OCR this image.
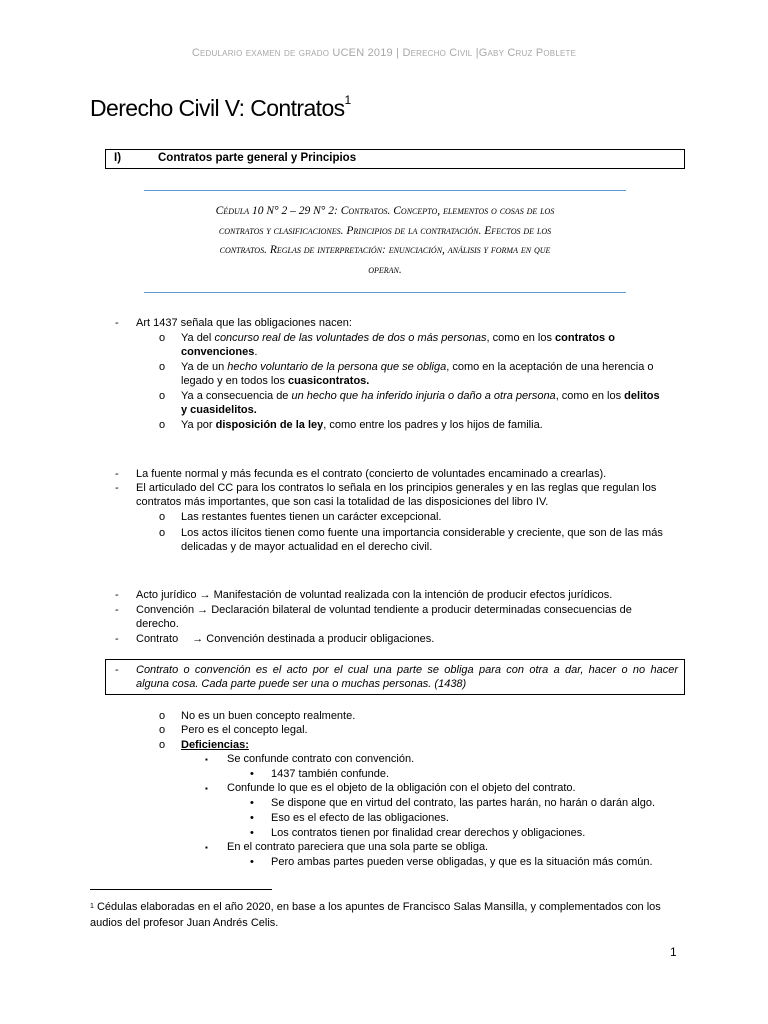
Cedulario examen de grado UCEN 2019 | Derecho Civil |Gaby Cruz Poblete
Derecho Civil V: Contratos$^1$
I)	Contratos parte general y Principios
Cédula 10 N° 2 – 29 N° 2: Contratos. Concepto, elementos o cosas de los
contratos y clasificaciones. Principios de la contratación. Efectos de los
contratos. Reglas de interpretación: enunciación, análisis y forma en que
operan.
- Art 1437 señala que las obligaciones nacen:
o Ya del concurso real de las voluntades de dos o más personas, como en los contratos o
convenciones.
o Ya de un hecho voluntario de la persona que se obliga, como en la aceptación de una herencia o
legado y en todos los cuasicontratos.
o Ya a consecuencia de un hecho que ha inferido injuria o daño a otra persona, como en los delitos
y cuasidelitos.
o Ya por disposición de la ley, como entre los padres y los hijos de familia.
- La fuente normal y más fecunda es el contrato (concierto de voluntades encaminado a crearlas).
- El articulado del CC para los contratos lo señala en los principios generales y en las reglas que regulan los
contratos más importantes, que son casi la totalidad de las disposiciones del libro IV.
o Las restantes fuentes tienen un carácter excepcional.
o Los actos ilícitos tienen como fuente una importancia considerable y creciente, que son de las más
delicadas y de mayor actualidad en el derecho civil.
- Acto jurídico → Manifestación de voluntad realizada con la intención de producir efectos jurídicos.
- Convención → Declaración bilateral de voluntad tendiente a producir determinadas consecuencias de
derecho.
- Contrato → Convención destinada a producir obligaciones.
- Contrato o convención es el acto por el cual una parte se obliga para con otra a dar, hacer o no hacer
alguna cosa. Cada parte puede ser una o muchas personas. (1438)
o No es un buen concepto realmente.
o Pero es el concepto legal.
o Deficiencias:
▪ Se confunde contrato con convención.
• 1437 también confunde.
▪ Confunde lo que es el objeto de la obligación con el objeto del contrato.
• Se dispone que en virtud del contrato, las partes harán, no harán o darán algo.
• Eso es el efecto de las obligaciones.
• Los contratos tienen por finalidad crear derechos y obligaciones.
▪ En el contrato pareciera que una sola parte se obliga.
• Pero ambas partes pueden verse obligadas, y que es la situación más común.
$^1$ Cédulas elaboradas en el año 2020, en base a los apuntes de Francisco Salas Mansilla, y complementados con los
audios del profesor Juan Andrés Celis.
1
